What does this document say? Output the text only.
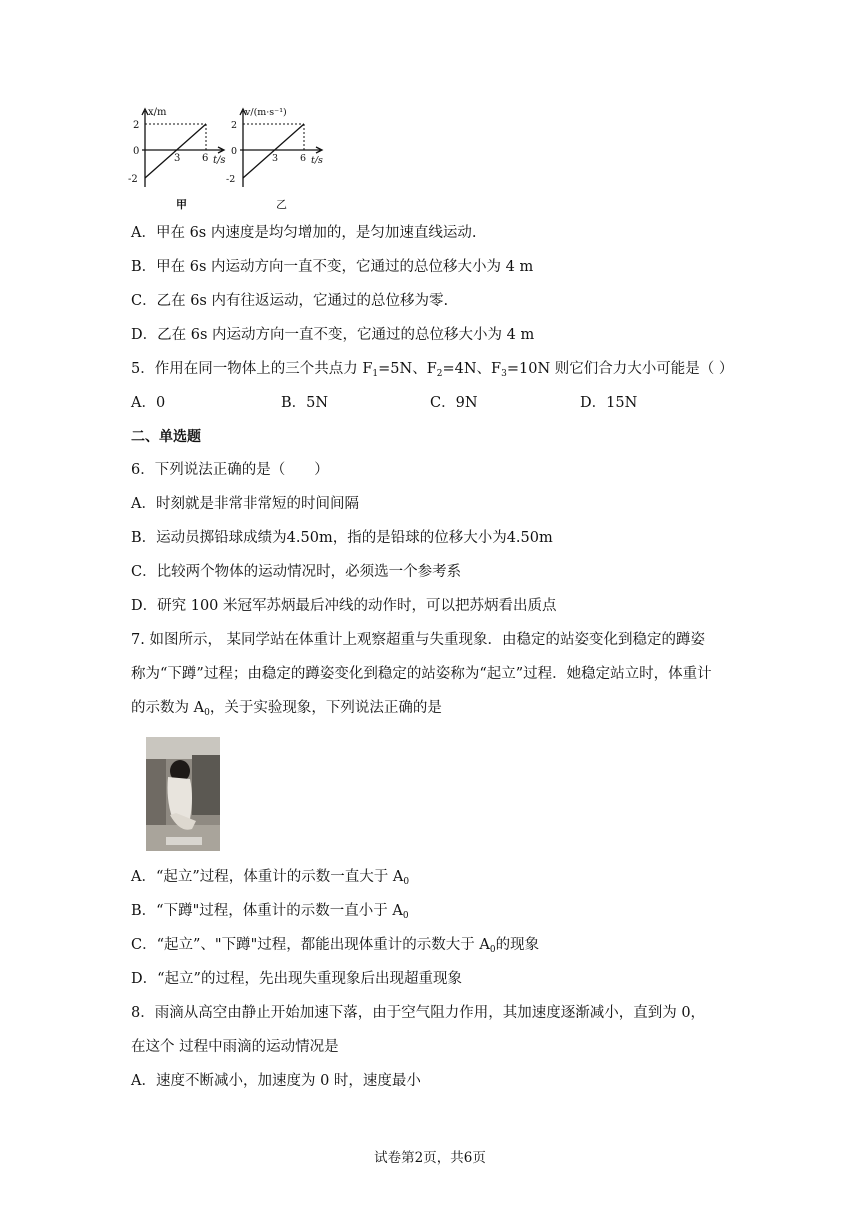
x/m
2
0
-2
3 6 t/s
甲
v/(m·s⁻¹)
2
0
-2
3 6 t/s
乙
A．甲在 6s 内速度是均匀增加的，是匀加速直线运动.
B．甲在 6s 内运动方向一直不变，它通过的总位移大小为 4 m
C．乙在 6s 内有往返运动，它通过的总位移为零.
D．乙在 6s 内运动方向一直不变，它通过的总位移大小为 4 m
5．作用在同一物体上的三个共点力 $F_1=5N$、$F_2=4N$、$F_3=10N$ 则它们合力大小可能是（ ）
A．0	B．5N	C．9N	D．15N
二、单选题
6．下列说法正确的是（　　）
A．时刻就是非常非常短的时间间隔
B．运动员掷铅球成绩为4.50m，指的是铅球的位移大小为4.50m
C．比较两个物体的运动情况时，必须选一个参考系
D．研究 100 米冠军苏炳最后冲线的动作时，可以把苏炳看出质点
7. 如图所示， 某同学站在体重计上观察超重与失重现象．由稳定的站姿变化到稳定的蹲姿
称为“下蹲”过程；由稳定的蹲姿变化到稳定的站姿称为“起立”过程．她稳定站立时，体重计
的示数为 $A_0$，关于实验现象，下列说法正确的是
A．“起立”过程，体重计的示数一直大于 $A_0$
B．“下蹲"过程，体重计的示数一直小于 $A_0$
C．“起立”、"下蹲"过程，都能出现体重计的示数大于 $A_0$的现象
D．“起立”的过程，先出现失重现象后出现超重现象
8．雨滴从高空由静止开始加速下落，由于空气阻力作用，其加速度逐渐减小，直到为 0，
在这个 过程中雨滴的运动情况是
A．速度不断减小，加速度为 0 时，速度最小
试卷第2页，共6页
